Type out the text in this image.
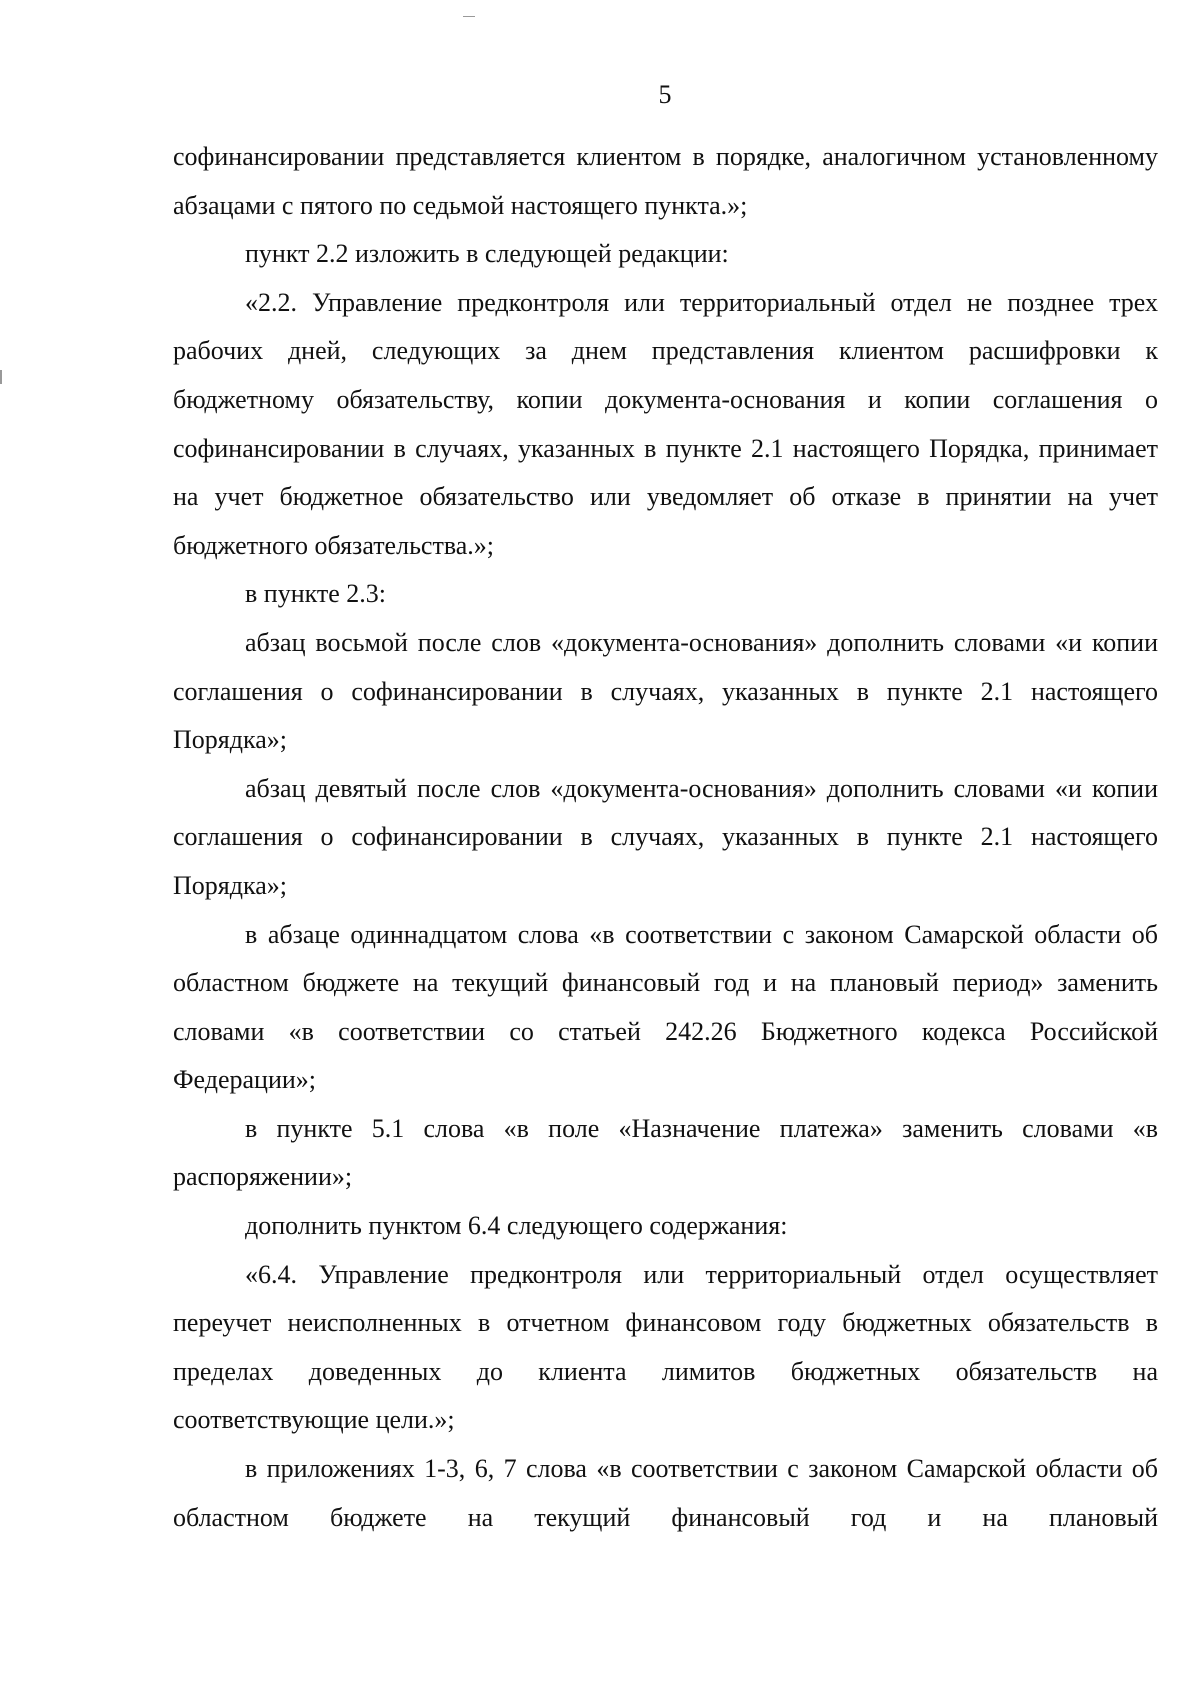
5

софинансировании представляется клиентом в порядке, аналогичном установленному абзацами с пятого по седьмой настоящего пункта.»;

пункт 2.2 изложить в следующей редакции:

«2.2. Управление предконтроля или территориальный отдел не позднее трех рабочих дней, следующих за днем представления клиентом расшифровки к бюджетному обязательству, копии документа-основания и копии соглашения о софинансировании в случаях, указанных в пункте 2.1 настоящего Порядка, принимает на учет бюджетное обязательство или уведомляет об отказе в принятии на учет бюджетного обязательства.»;

в пункте 2.3:

абзац восьмой после слов «документа-основания» дополнить словами «и копии соглашения о софинансировании в случаях, указанных в пункте 2.1 настоящего Порядка»;

абзац девятый после слов «документа-основания» дополнить словами «и копии соглашения о софинансировании в случаях, указанных в пункте 2.1 настоящего Порядка»;

в абзаце одиннадцатом слова «в соответствии с законом Самарской области об областном бюджете на текущий финансовый год и на плановый период» заменить словами «в соответствии со статьей 242.26 Бюджетного кодекса Российской Федерации»;

в пункте 5.1 слова «в поле «Назначение платежа» заменить словами «в распоряжении»;

дополнить пунктом 6.4 следующего содержания:

«6.4. Управление предконтроля или территориальный отдел осуществляет переучет неисполненных в отчетном финансовом году бюджетных обязательств в пределах доведенных до клиента лимитов бюджетных обязательств на соответствующие цели.»;

в приложениях 1-3, 6, 7 слова «в соответствии с законом Самарской области об областном бюджете на текущий финансовый год и на плановый
